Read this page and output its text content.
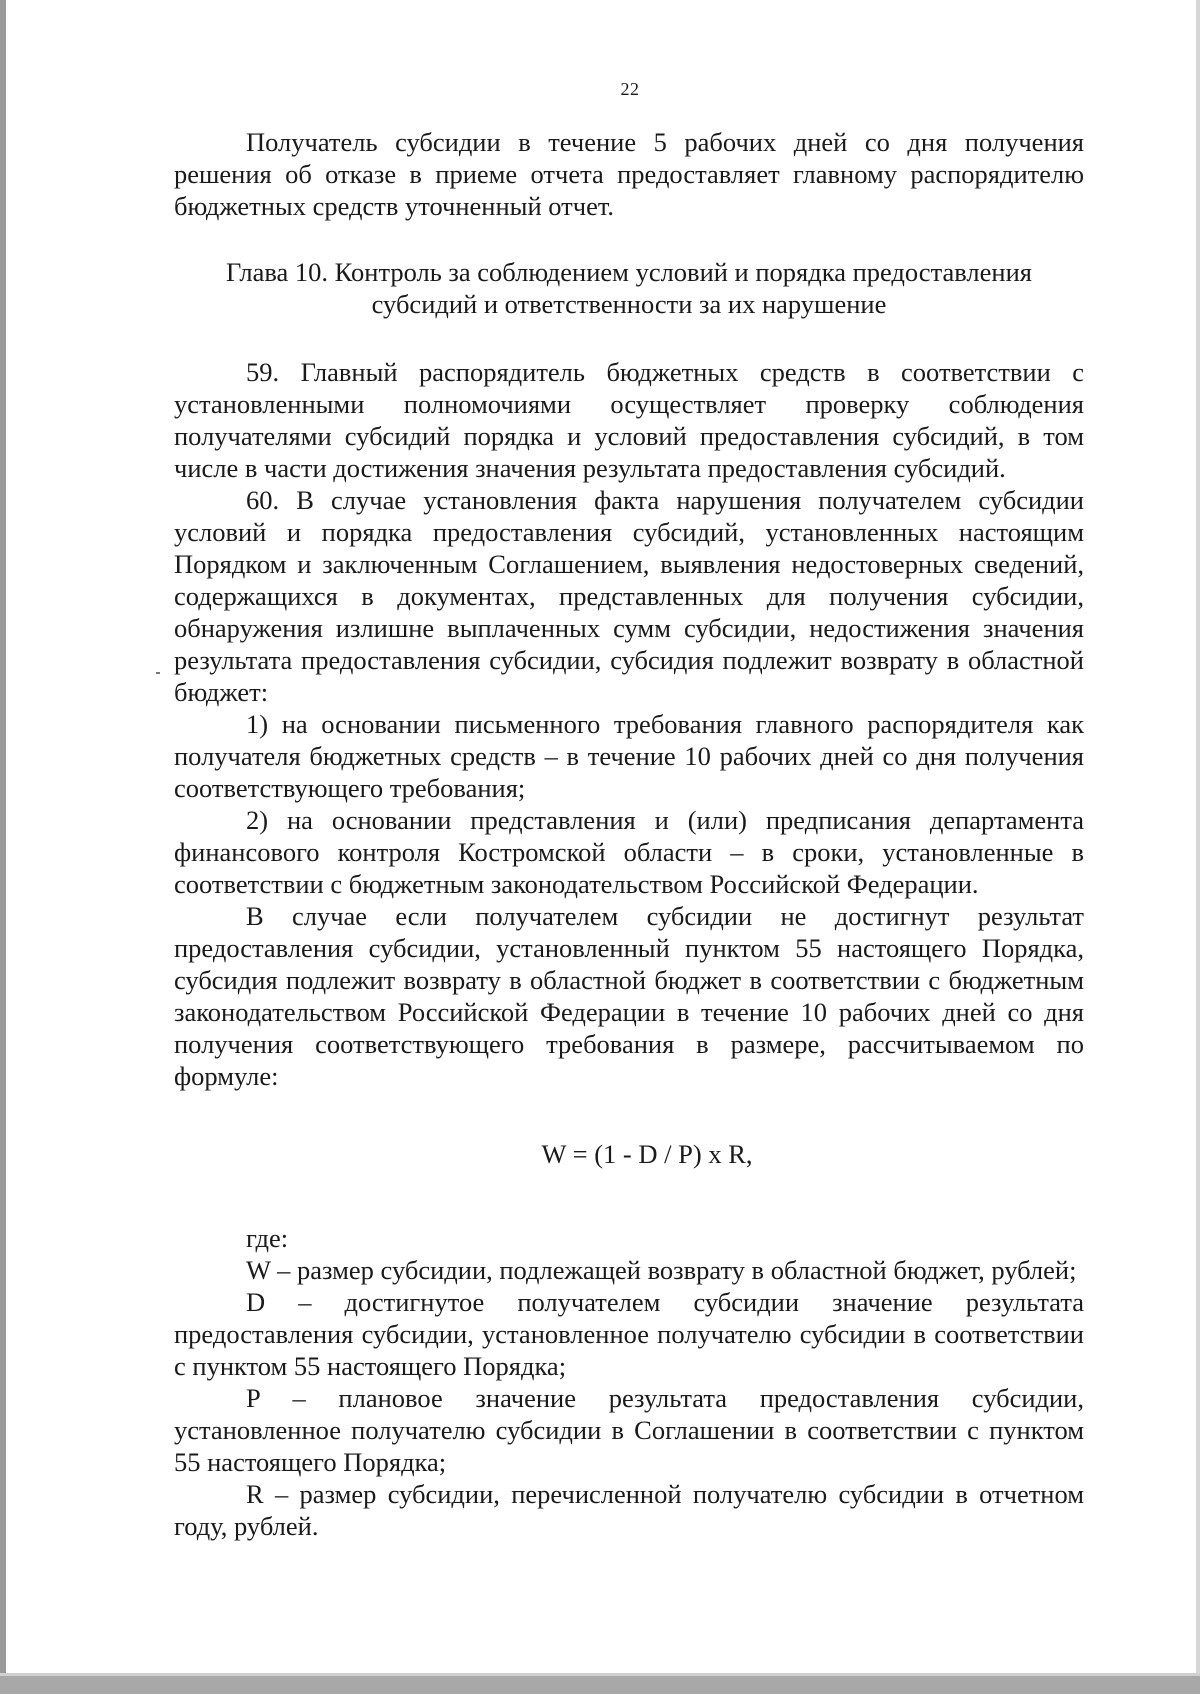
22

Получатель субсидии в течение 5 рабочих дней со дня получения решения об отказе в приеме отчета предоставляет главному распорядителю бюджетных средств уточненный отчет.

Глава 10. Контроль за соблюдением условий и порядка предоставления
субсидий и ответственности за их нарушение

59. Главный распорядитель бюджетных средств в соответствии с установленными полномочиями осуществляет проверку соблюдения получателями субсидий порядка и условий предоставления субсидий, в том числе в части достижения значения результата предоставления субсидий.

60. В случае установления факта нарушения получателем субсидии условий и порядка предоставления субсидий, установленных настоящим Порядком и заключенным Соглашением, выявления недостоверных сведений, содержащихся в документах, представленных для получения субсидии, обнаружения излишне выплаченных сумм субсидии, недостижения значения результата предоставления субсидии, субсидия подлежит возврату в областной бюджет:

1) на основании письменного требования главного распорядителя как получателя бюджетных средств – в течение 10 рабочих дней со дня получения соответствующего требования;

2) на основании представления и (или) предписания департамента финансового контроля Костромской области – в сроки, установленные в соответствии с бюджетным законодательством Российской Федерации.

В случае если получателем субсидии не достигнут результат предоставления субсидии, установленный пунктом 55 настоящего Порядка, субсидия подлежит возврату в областной бюджет в соответствии с бюджетным законодательством Российской Федерации в течение 10 рабочих дней со дня получения соответствующего требования в размере, рассчитываемом по формуле:

W = (1 - D / P) x R,

где:

W – размер субсидии, подлежащей возврату в областной бюджет, рублей;

D – достигнутое получателем субсидии значение результата предоставления субсидии, установленное получателю субсидии в соответствии с пунктом 55 настоящего Порядка;

P – плановое значение результата предоставления субсидии, установленное получателю субсидии в Соглашении в соответствии с пунктом 55 настоящего Порядка;

R – размер субсидии, перечисленной получателю субсидии в отчетном году, рублей.
